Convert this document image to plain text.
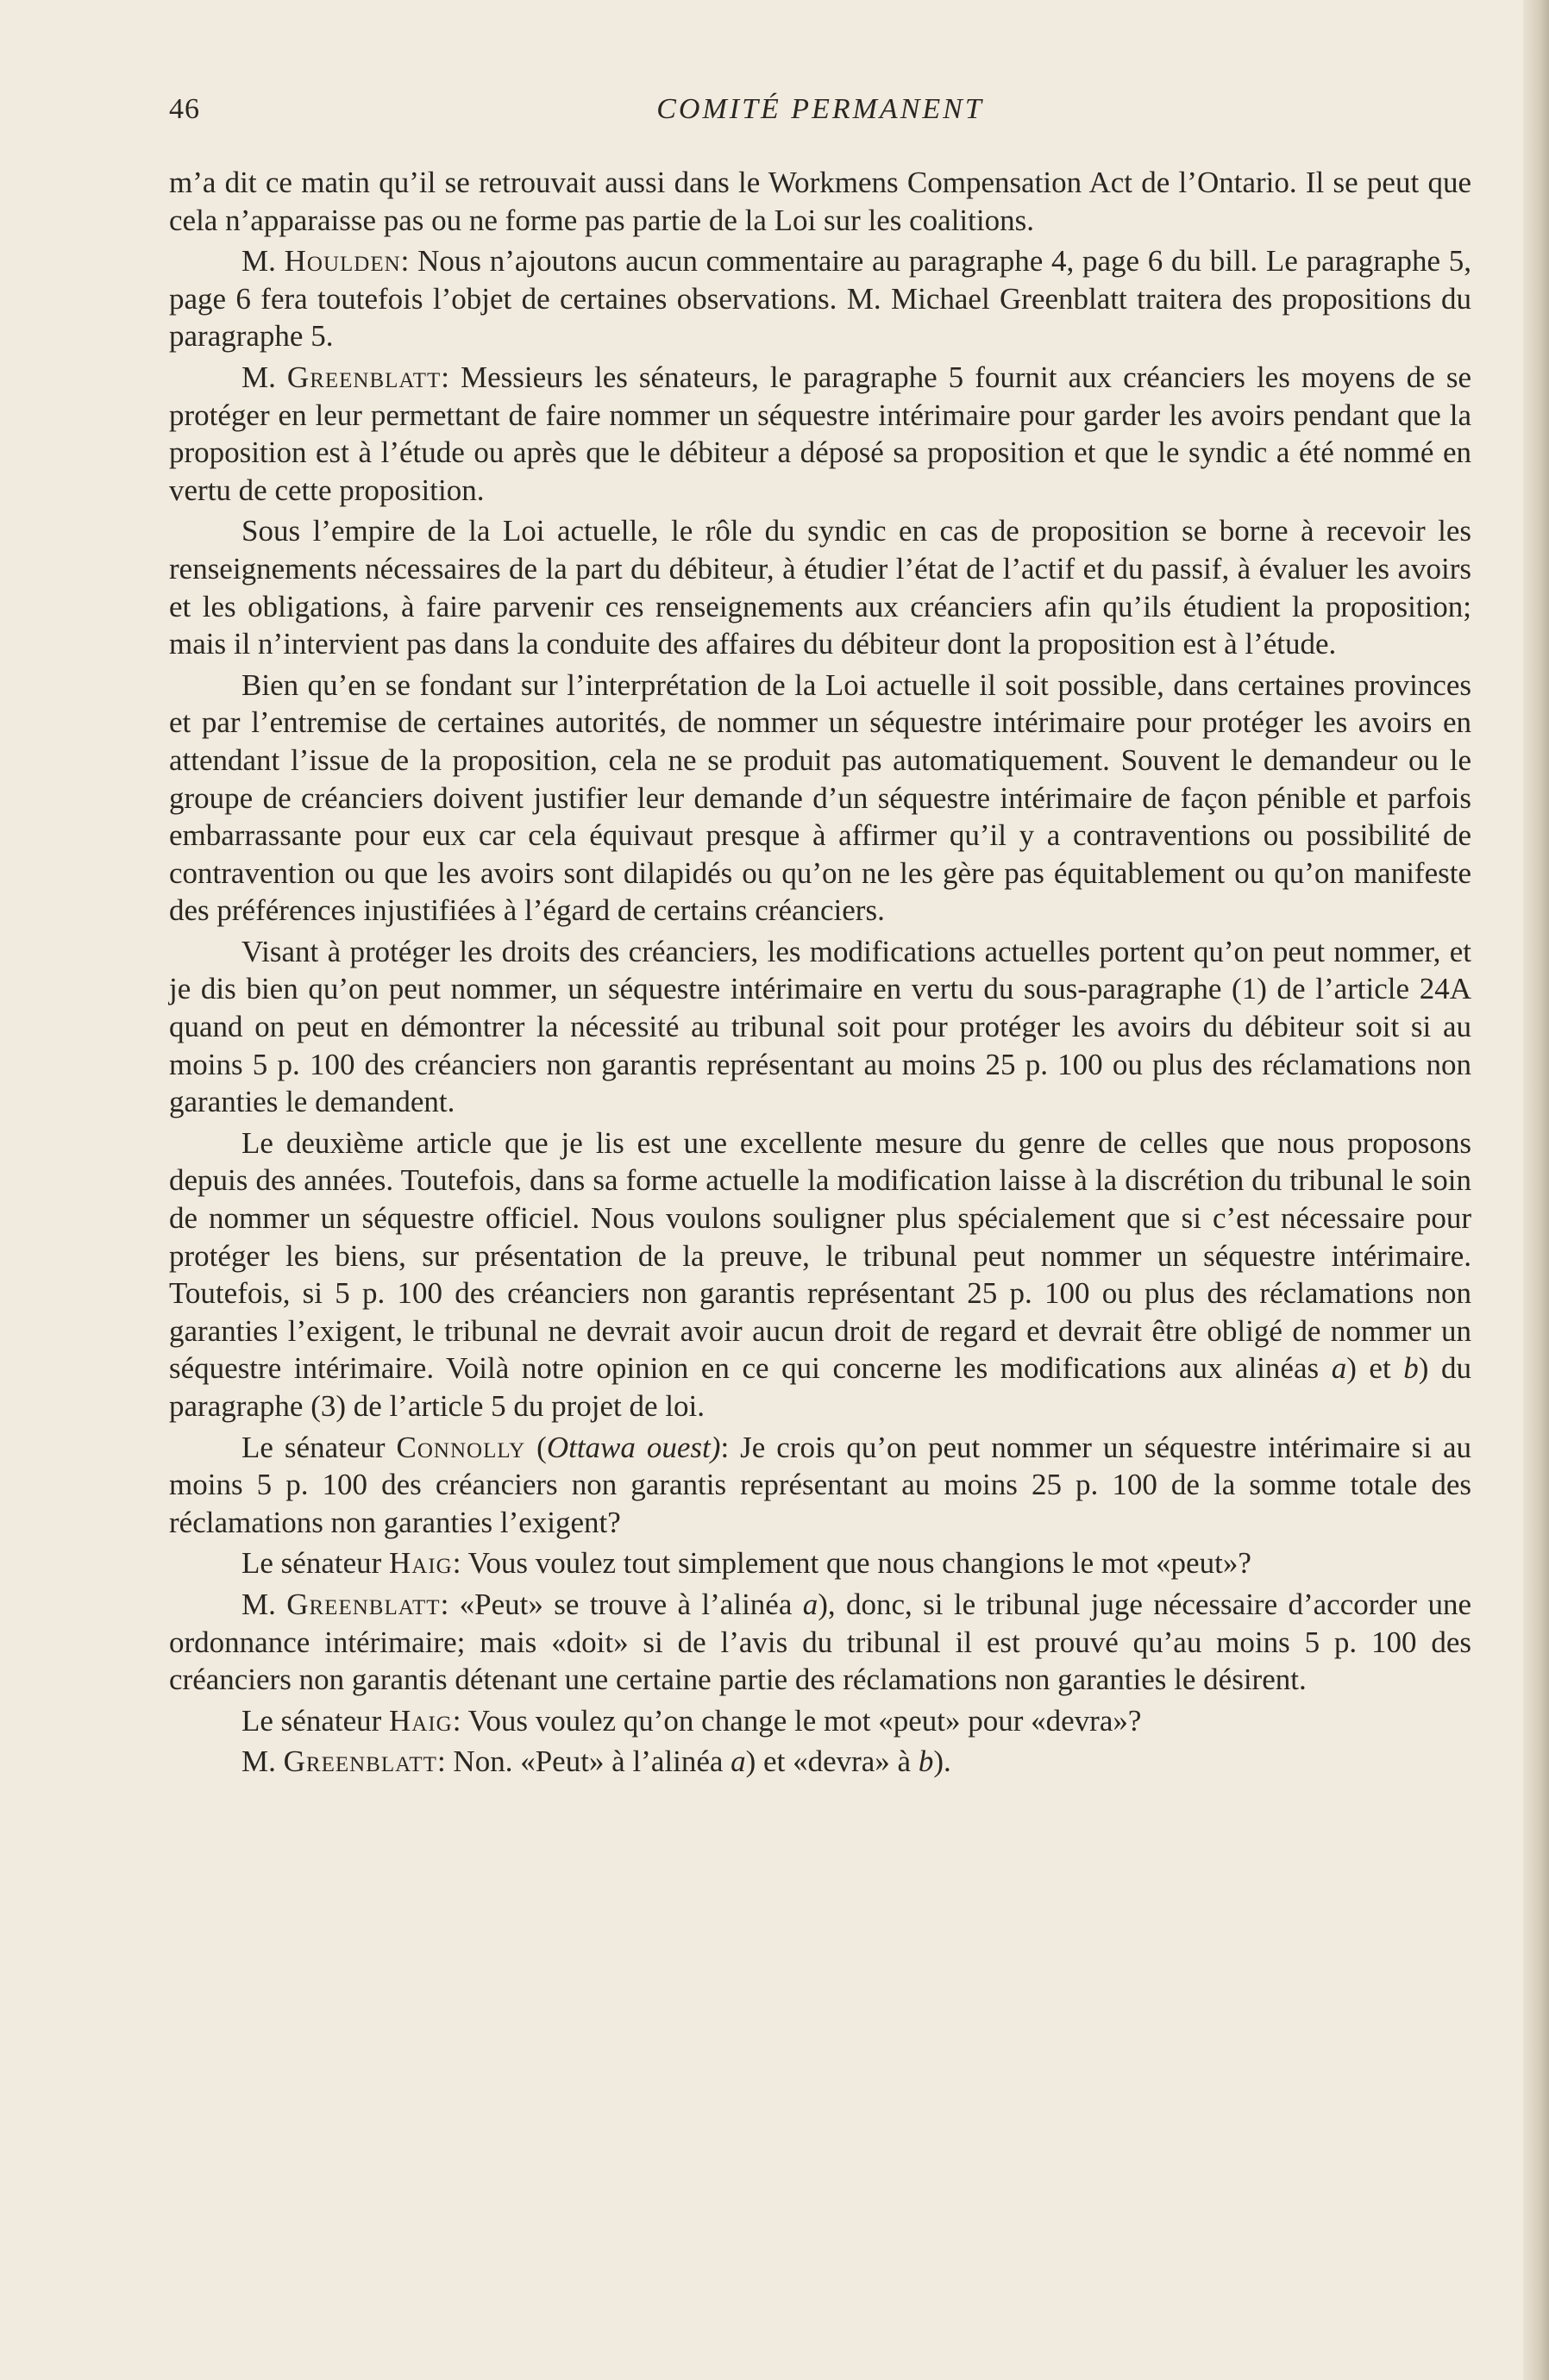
46	COMITÉ PERMANENT

m’a dit ce matin qu’il se retrouvait aussi dans le Workmens Compensation Act de l’Ontario. Il se peut que cela n’apparaisse pas ou ne forme pas partie de la Loi sur les coalitions.

M. Houlden: Nous n’ajoutons aucun commentaire au paragraphe 4, page 6 du bill. Le paragraphe 5, page 6 fera toutefois l’objet de certaines observations. M. Michael Greenblatt traitera des propositions du paragraphe 5.

M. Greenblatt: Messieurs les sénateurs, le paragraphe 5 fournit aux créanciers les moyens de se protéger en leur permettant de faire nommer un séquestre intérimaire pour garder les avoirs pendant que la proposition est à l’étude ou après que le débiteur a déposé sa proposition et que le syndic a été nommé en vertu de cette proposition.

Sous l’empire de la Loi actuelle, le rôle du syndic en cas de proposition se borne à recevoir les renseignements nécessaires de la part du débiteur, à étudier l’état de l’actif et du passif, à évaluer les avoirs et les obligations, à faire parvenir ces renseignements aux créanciers afin qu’ils étudient la proposition; mais il n’intervient pas dans la conduite des affaires du débiteur dont la proposition est à l’étude.

Bien qu’en se fondant sur l’interprétation de la Loi actuelle il soit possible, dans certaines provinces et par l’entremise de certaines autorités, de nommer un séquestre intérimaire pour protéger les avoirs en attendant l’issue de la proposition, cela ne se produit pas automatiquement. Souvent le demandeur ou le groupe de créanciers doivent justifier leur demande d’un séquestre intérimaire de façon pénible et parfois embarrassante pour eux car cela équivaut presque à affirmer qu’il y a contraventions ou possibilité de contravention ou que les avoirs sont dilapidés ou qu’on ne les gère pas équitablement ou qu’on manifeste des préférences injustifiées à l’égard de certains créanciers.

Visant à protéger les droits des créanciers, les modifications actuelles portent qu’on peut nommer, et je dis bien qu’on peut nommer, un séquestre intérimaire en vertu du sous-paragraphe (1) de l’article 24A quand on peut en démontrer la nécessité au tribunal soit pour protéger les avoirs du débiteur soit si au moins 5 p. 100 des créanciers non garantis représentant au moins 25 p. 100 ou plus des réclamations non garanties le demandent.

Le deuxième article que je lis est une excellente mesure du genre de celles que nous proposons depuis des années. Toutefois, dans sa forme actuelle la modification laisse à la discrétion du tribunal le soin de nommer un séquestre officiel. Nous voulons souligner plus spécialement que si c’est nécessaire pour protéger les biens, sur présentation de la preuve, le tribunal peut nommer un séquestre intérimaire. Toutefois, si 5 p. 100 des créanciers non garantis représentant 25 p. 100 ou plus des réclamations non garanties l’exigent, le tribunal ne devrait avoir aucun droit de regard et devrait être obligé de nommer un séquestre intérimaire. Voilà notre opinion en ce qui concerne les modifications aux alinéas a) et b) du paragraphe (3) de l’article 5 du projet de loi.

Le sénateur Connolly (Ottawa ouest): Je crois qu’on peut nommer un séquestre intérimaire si au moins 5 p. 100 des créanciers non garantis représentant au moins 25 p. 100 de la somme totale des réclamations non garanties l’exigent?

Le sénateur Haig: Vous voulez tout simplement que nous changions le mot «peut»?

M. Greenblatt: «Peut» se trouve à l’alinéa a), donc, si le tribunal juge nécessaire d’accorder une ordonnance intérimaire; mais «doit» si de l’avis du tribunal il est prouvé qu’au moins 5 p. 100 des créanciers non garantis détenant une certaine partie des réclamations non garanties le désirent.

Le sénateur Haig: Vous voulez qu’on change le mot «peut» pour «devra»?

M. Greenblatt: Non. «Peut» à l’alinéa a) et «devra» à b).
